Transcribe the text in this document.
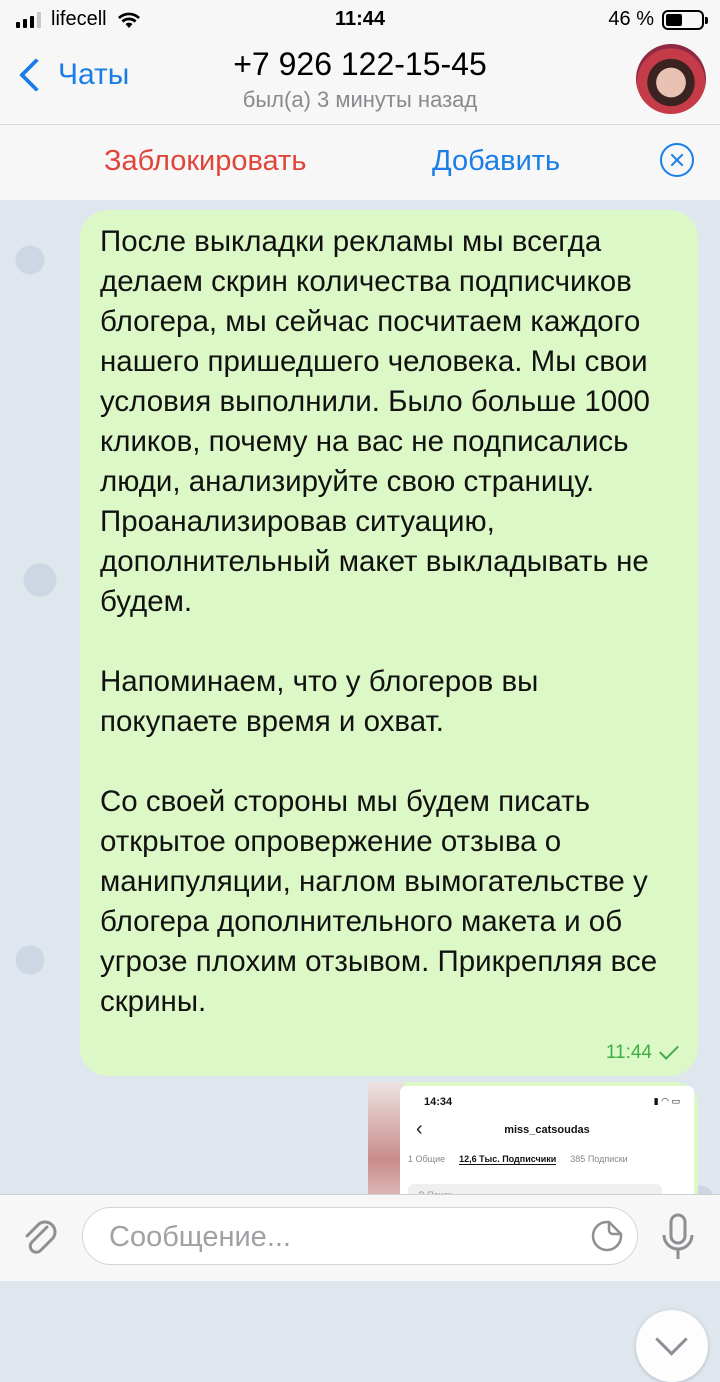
lifecell	11:44	46 %
Чаты	+7 926 122-15-45
был(а) 3 минуты назад
Заблокировать	Добавить

После выкладки рекламы мы всегда делаем скрин количества подписчиков блогера, мы сейчас посчитаем каждого нашего пришедшего человека. Мы свои условия выполнили. Было больше 1000 кликов, почему на вас не подписались люди, анализируйте свою страницу. Проанализировав ситуацию, дополнительный макет выкладывать не будем.

Напоминаем, что у блогеров вы покупаете время и охват.

Со своей стороны мы будем писать открытое опровержение отзыва о манипуляции, наглом вымогательстве у блогера дополнительного макета и об угрозе плохим отзывом. Прикрепляя все скрины.

11:44
14:34	▮ ◠ ▭
‹	miss_catsoudas
1 Общие 12,6 Тыс. Подписчики 385 Подписки
Сообщение...
